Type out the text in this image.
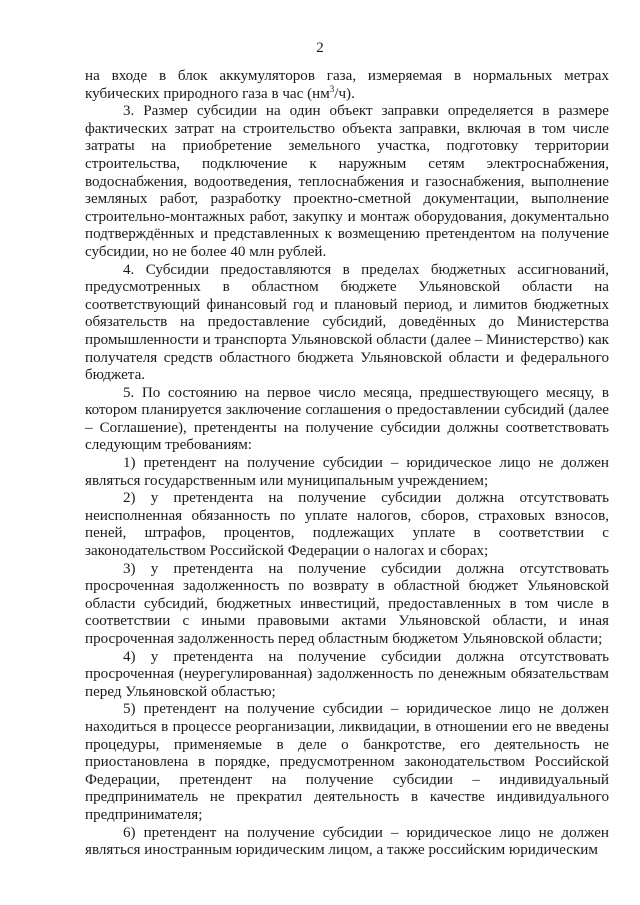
2

на входе в блок аккумуляторов газа, измеряемая в нормальных метрах кубических природного газа в час $(нм^3/ч)$.

3. Размер субсидии на один объект заправки определяется в размере фактических затрат на строительство объекта заправки, включая в том числе затраты на приобретение земельного участка, подготовку территории строительства, подключение к наружным сетям электроснабжения, водоснабжения, водоотведения, теплоснабжения и газоснабжения, выполнение земляных работ, разработку проектно-сметной документации, выполнение строительно-монтажных работ, закупку и монтаж оборудования, документально подтверждённых и представленных к возмещению претендентом на получение субсидии, но не более 40 млн рублей.

4. Субсидии предоставляются в пределах бюджетных ассигнований, предусмотренных в областном бюджете Ульяновской области на соответствующий финансовый год и плановый период, и лимитов бюджетных обязательств на предоставление субсидий, доведённых до Министерства промышленности и транспорта Ульяновской области (далее – Министерство) как получателя средств областного бюджета Ульяновской области и федерального бюджета.

5. По состоянию на первое число месяца, предшествующего месяцу, в котором планируется заключение соглашения о предоставлении субсидий (далее – Соглашение), претенденты на получение субсидии должны соответствовать следующим требованиям:

1) претендент на получение субсидии – юридическое лицо не должен являться государственным или муниципальным учреждением;

2) у претендента на получение субсидии должна отсутствовать неисполненная обязанность по уплате налогов, сборов, страховых взносов, пеней, штрафов, процентов, подлежащих уплате в соответствии с законодательством Российской Федерации о налогах и сборах;

3) у претендента на получение субсидии должна отсутствовать просроченная задолженность по возврату в областной бюджет Ульяновской области субсидий, бюджетных инвестиций, предоставленных в том числе в соответствии с иными правовыми актами Ульяновской области, и иная просроченная задолженность перед областным бюджетом Ульяновской области;

4) у претендента на получение субсидии должна отсутствовать просроченная (неурегулированная) задолженность по денежным обязательствам перед Ульяновской областью;

5) претендент на получение субсидии – юридическое лицо не должен находиться в процессе реорганизации, ликвидации, в отношении его не введены процедуры, применяемые в деле о банкротстве, его деятельность не приостановлена в порядке, предусмотренном законодательством Российской Федерации, претендент на получение субсидии – индивидуальный предприниматель не прекратил деятельность в качестве индивидуального предпринимателя;

6) претендент на получение субсидии – юридическое лицо не должен являться иностранным юридическим лицом, а также российским юридическим
